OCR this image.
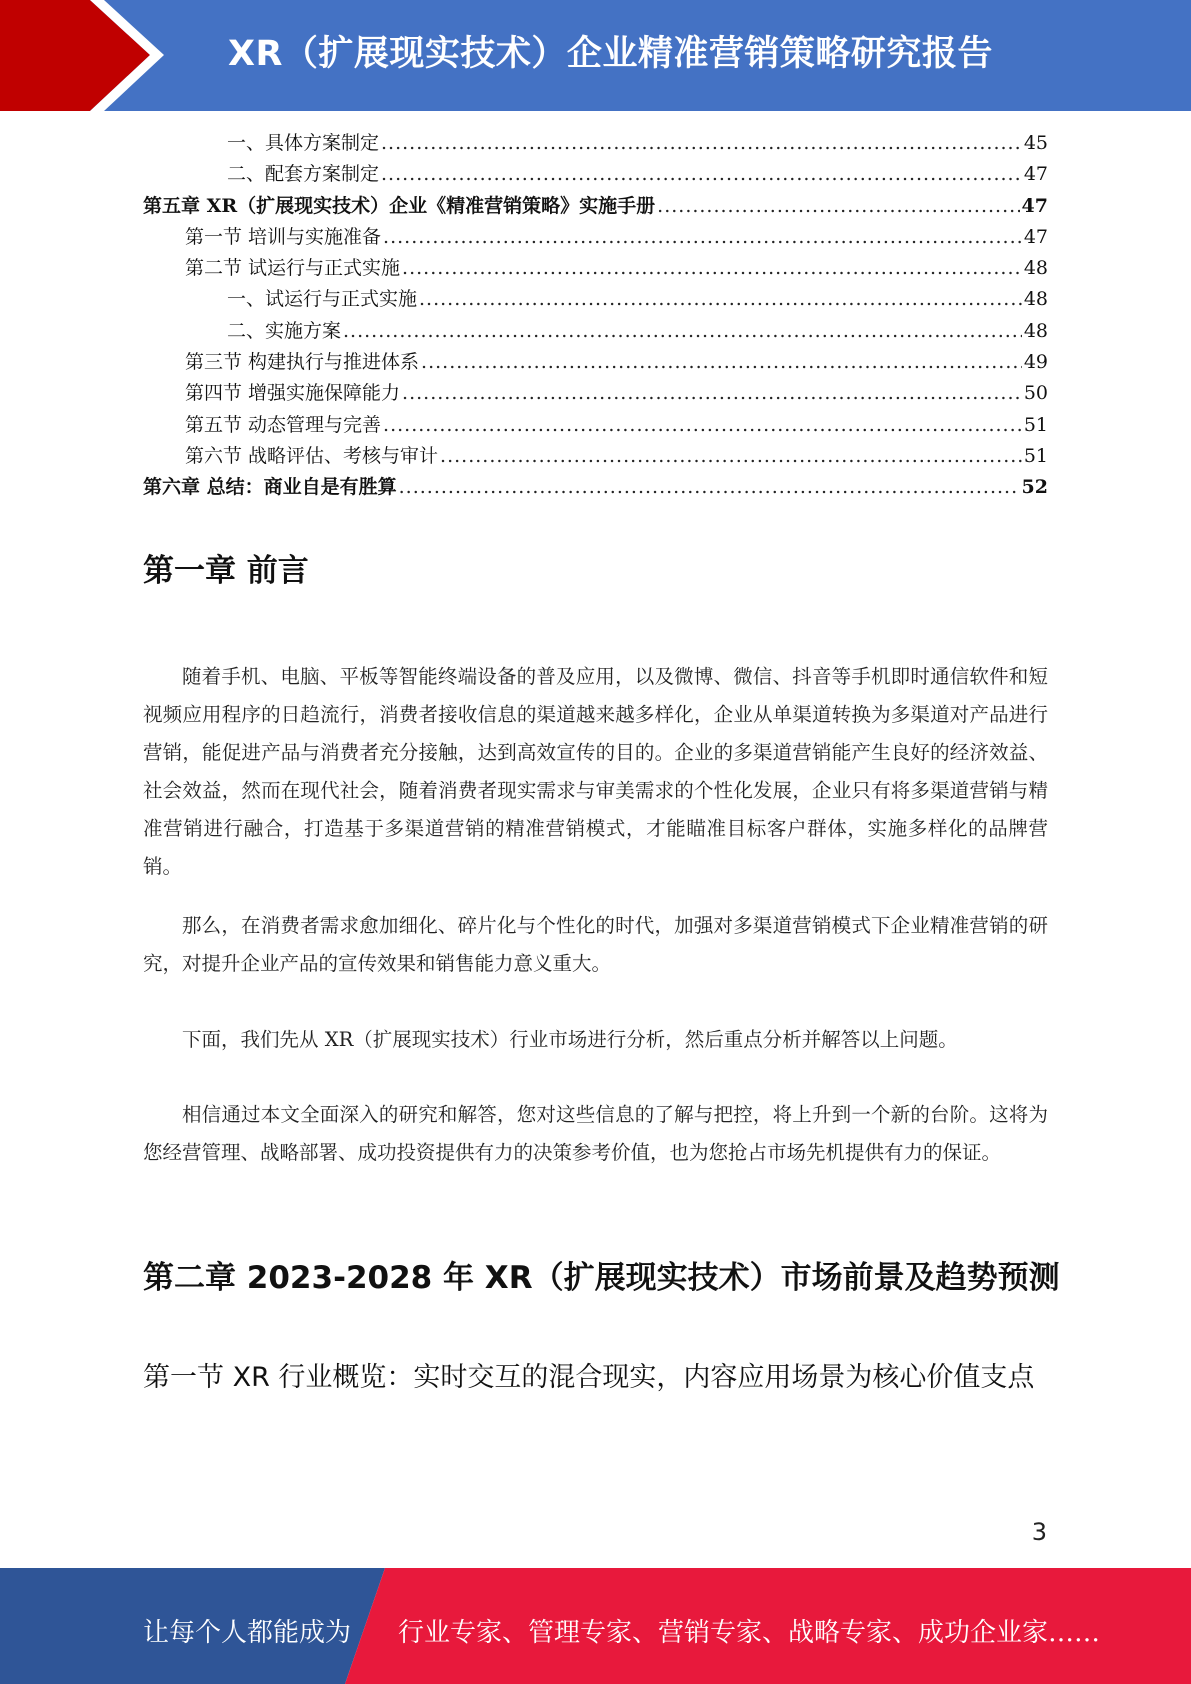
XR（扩展现实技术）企业精准营销策略研究报告
一、具体方案制定 .....	45
二、配套方案制定 .....	47
第五章 XR（扩展现实技术）企业《精准营销策略》实施手册 .....	47
第一节 培训与实施准备 .....	47
第二节 试运行与正式实施 .....	48
一、试运行与正式实施 .....	48
二、实施方案 .....	48
第三节 构建执行与推进体系 .....	49
第四节 增强实施保障能力 .....	50
第五节 动态管理与完善 .....	51
第六节 战略评估、考核与审计 .....	51
第六章 总结：商业自是有胜算 .....	52
第一章 前言
随着手机、电脑、平板等智能终端设备的普及应用，以及微博、微信、抖音等手机即时通信软件和短视频应用程序的日趋流行，消费者接收信息的渠道越来越多样化，企业从单渠道转换为多渠道对产品进行营销，能促进产品与消费者充分接触，达到高效宣传的目的。企业的多渠道营销能产生良好的经济效益、社会效益，然而在现代社会，随着消费者现实需求与审美需求的个性化发展，企业只有将多渠道营销与精准营销进行融合，打造基于多渠道营销的精准营销模式，才能瞄准目标客户群体，实施多样化的品牌营销。
那么，在消费者需求愈加细化、碎片化与个性化的时代，加强对多渠道营销模式下企业精准营销的研究，对提升企业产品的宣传效果和销售能力意义重大。
下面，我们先从 XR（扩展现实技术）行业市场进行分析，然后重点分析并解答以上问题。
相信通过本文全面深入的研究和解答，您对这些信息的了解与把控，将上升到一个新的台阶。这将为您经营管理、战略部署、成功投资提供有力的决策参考价值，也为您抢占市场先机提供有力的保证。
第二章 2023-2028 年 XR（扩展现实技术）市场前景及趋势预测
第一节 XR 行业概览：实时交互的混合现实，内容应用场景为核心价值支点
3
让每个人都能成为 行业专家、管理专家、营销专家、战略专家、成功企业家……
